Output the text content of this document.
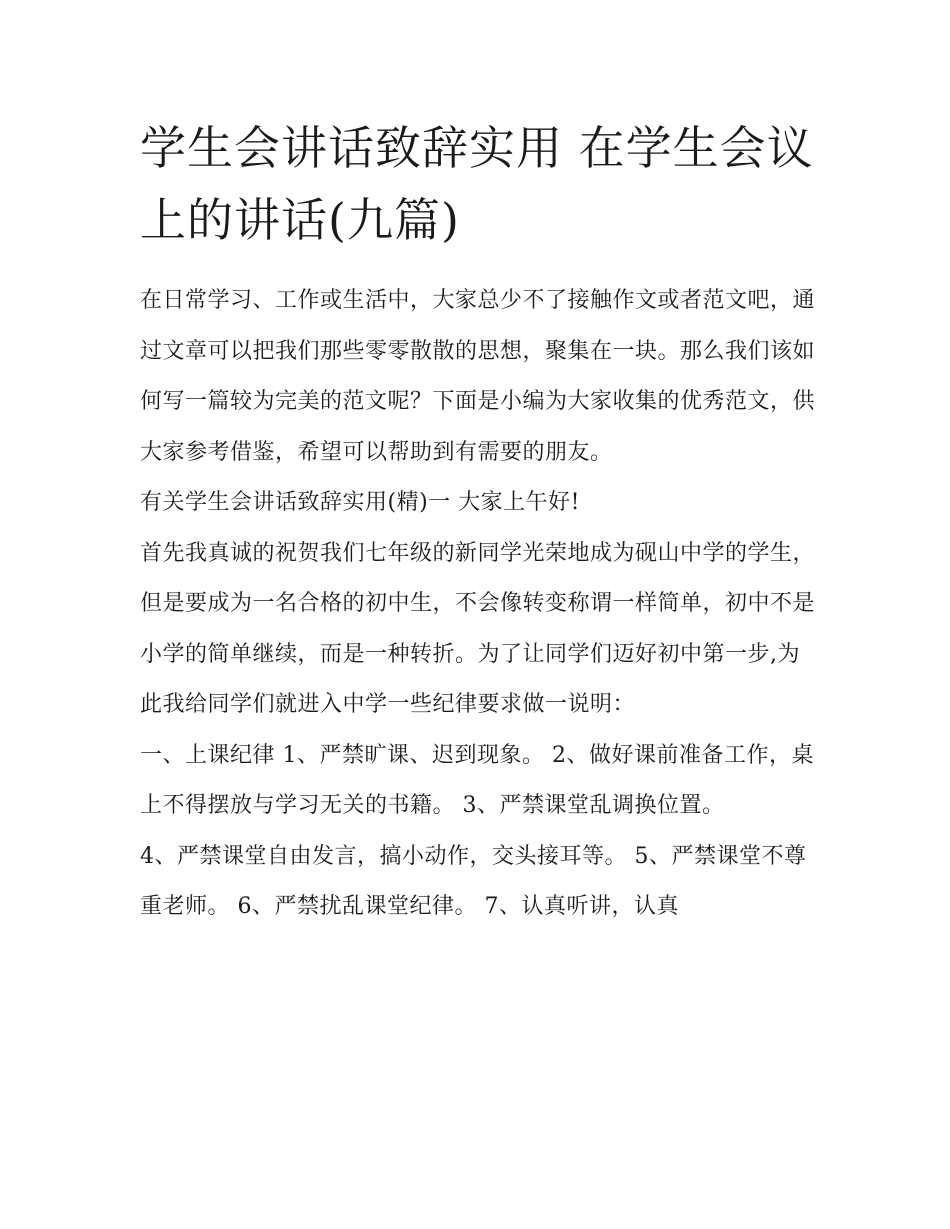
学生会讲话致辞实用 在学生会议上的讲话(九篇)

在日常学习、工作或生活中，大家总少不了接触作文或者范文吧，通过文章可以把我们那些零零散散的思想，聚集在一块。那么我们该如何写一篇较为完美的范文呢？下面是小编为大家收集的优秀范文，供大家参考借鉴，希望可以帮助到有需要的朋友。

有关学生会讲话致辞实用(精)一 大家上午好!

首先我真诚的祝贺我们七年级的新同学光荣地成为砚山中学的学生，但是要成为一名合格的初中生，不会像转变称谓一样简单，初中不是小学的简单继续，而是一种转折。为了让同学们迈好初中第一步,为此我给同学们就进入中学一些纪律要求做一说明：

一、上课纪律 1、严禁旷课、迟到现象。 2、做好课前准备工作，桌上不得摆放与学习无关的书籍。 3、严禁课堂乱调换位置。

4、严禁课堂自由发言，搞小动作，交头接耳等。 5、严禁课堂不尊重老师。 6、严禁扰乱课堂纪律。 7、认真听讲，认真
